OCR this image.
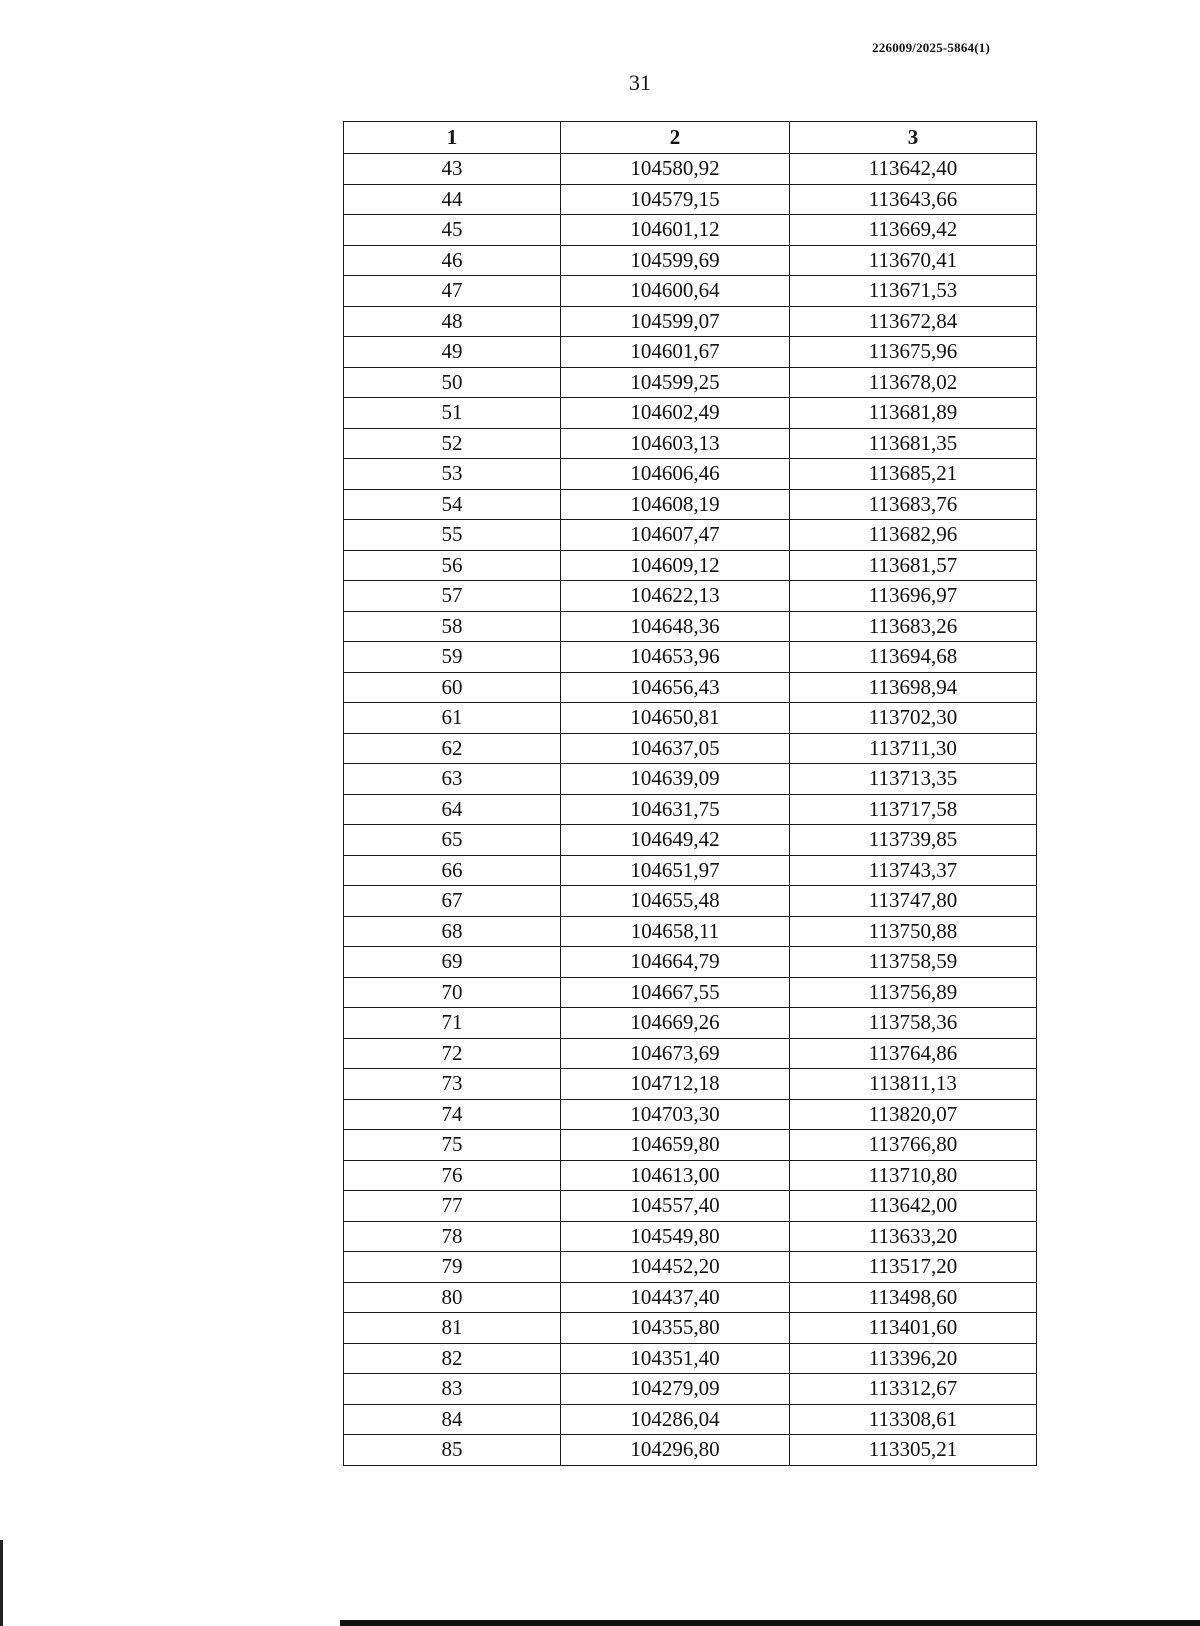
226009/2025-5864(1)
31
1	2	3
43	104580,92	113642,40
44	104579,15	113643,66
45	104601,12	113669,42
46	104599,69	113670,41
47	104600,64	113671,53
48	104599,07	113672,84
49	104601,67	113675,96
50	104599,25	113678,02
51	104602,49	113681,89
52	104603,13	113681,35
53	104606,46	113685,21
54	104608,19	113683,76
55	104607,47	113682,96
56	104609,12	113681,57
57	104622,13	113696,97
58	104648,36	113683,26
59	104653,96	113694,68
60	104656,43	113698,94
61	104650,81	113702,30
62	104637,05	113711,30
63	104639,09	113713,35
64	104631,75	113717,58
65	104649,42	113739,85
66	104651,97	113743,37
67	104655,48	113747,80
68	104658,11	113750,88
69	104664,79	113758,59
70	104667,55	113756,89
71	104669,26	113758,36
72	104673,69	113764,86
73	104712,18	113811,13
74	104703,30	113820,07
75	104659,80	113766,80
76	104613,00	113710,80
77	104557,40	113642,00
78	104549,80	113633,20
79	104452,20	113517,20
80	104437,40	113498,60
81	104355,80	113401,60
82	104351,40	113396,20
83	104279,09	113312,67
84	104286,04	113308,61
85	104296,80	113305,21
